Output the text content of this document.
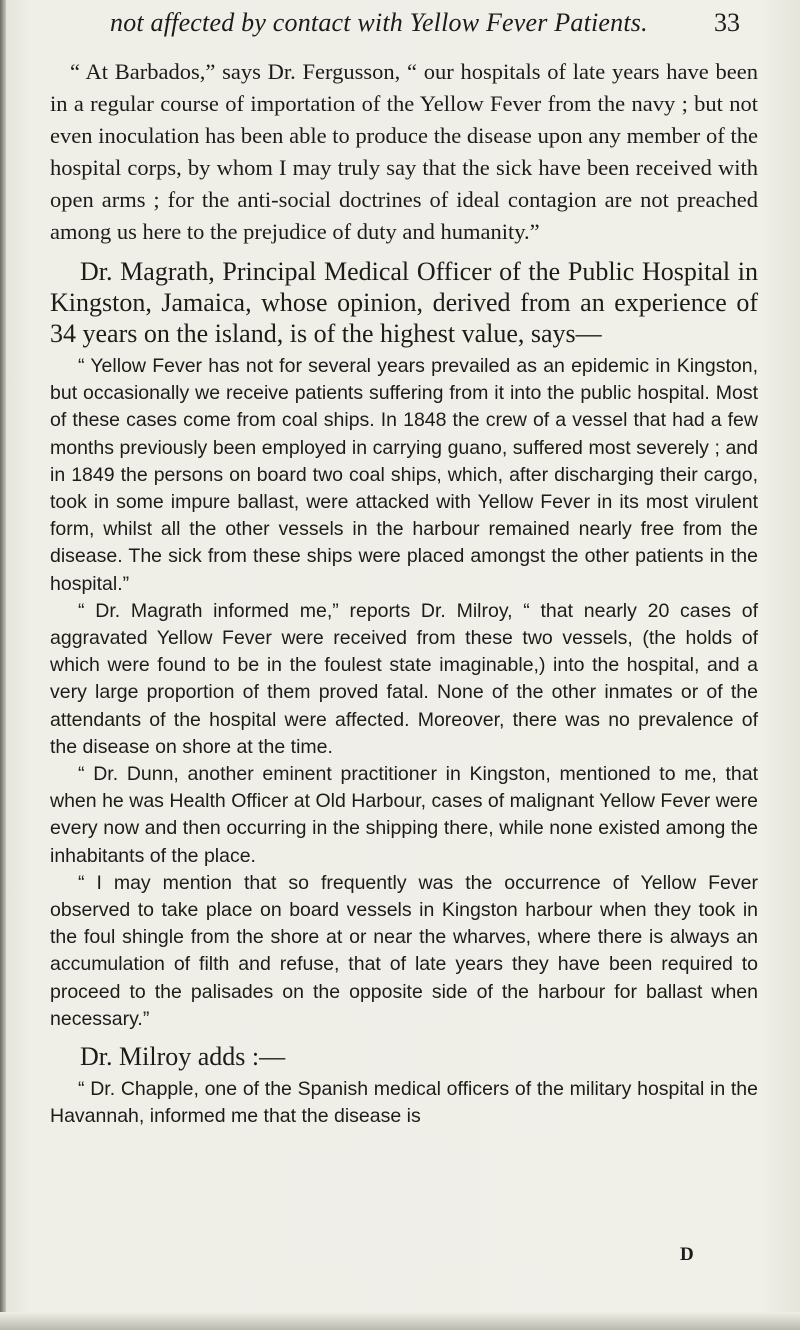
not affected by contact with Yellow Fever Patients.	33

“ At Barbados,” says Dr. Fergusson, “ our hospitals of late years have been in a regular course of importation of the Yellow Fever from the navy ; but not even inoculation has been able to produce the disease upon any member of the hospital corps, by whom I may truly say that the sick have been received with open arms ; for the anti-social doctrines of ideal contagion are not preached among us here to the prejudice of duty and humanity.”

Dr. Magrath, Principal Medical Officer of the Public Hospital in Kingston, Jamaica, whose opinion, derived from an experience of 34 years on the island, is of the highest value, says—

“ Yellow Fever has not for several years prevailed as an epidemic in Kingston, but occasionally we receive patients suffering from it into the public hospital. Most of these cases come from coal ships. In 1848 the crew of a vessel that had a few months previously been employed in carrying guano, suffered most severely ; and in 1849 the persons on board two coal ships, which, after discharging their cargo, took in some impure ballast, were attacked with Yellow Fever in its most virulent form, whilst all the other vessels in the harbour remained nearly free from the disease. The sick from these ships were placed amongst the other patients in the hospital.”

“ Dr. Magrath informed me,” reports Dr. Milroy, “ that nearly 20 cases of aggravated Yellow Fever were received from these two vessels, (the holds of which were found to be in the foulest state imaginable,) into the hospital, and a very large proportion of them proved fatal. None of the other inmates or of the attendants of the hospital were affected. Moreover, there was no prevalence of the disease on shore at the time.

“ Dr. Dunn, another eminent practitioner in Kingston, mentioned to me, that when he was Health Officer at Old Harbour, cases of malignant Yellow Fever were every now and then occurring in the shipping there, while none existed among the inhabitants of the place.

“ I may mention that so frequently was the occurrence of Yellow Fever observed to take place on board vessels in Kingston harbour when they took in the foul shingle from the shore at or near the wharves, where there is always an accumulation of filth and refuse, that of late years they have been required to proceed to the palisades on the opposite side of the harbour for ballast when necessary.”

Dr. Milroy adds :—

“ Dr. Chapple, one of the Spanish medical officers of the military hospital in the Havannah, informed me that the disease is

D
